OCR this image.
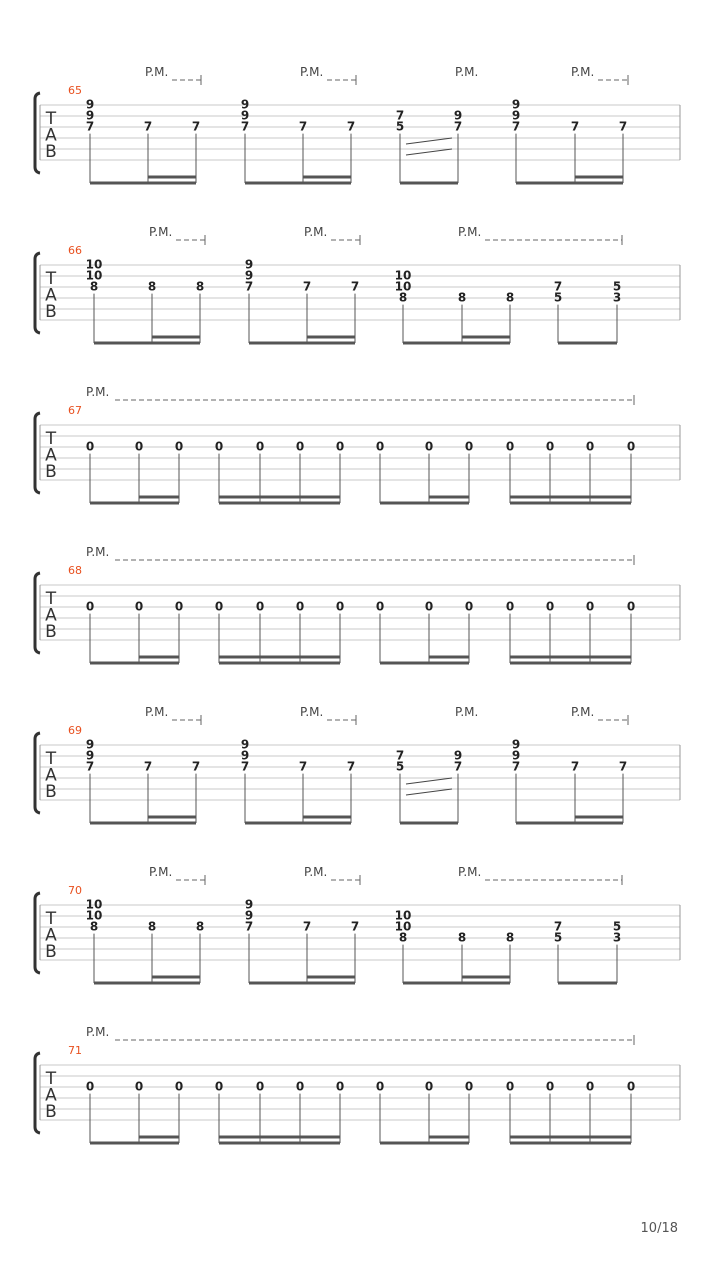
T
A
B
65
P.M.	P.M.	P.M.	P.M.
9
9
7	7	7
9
9
7	7	7
7
5
9
7
9
9
7	7	7
T
A
B
66
P.M.	P.M.	P.M.
10
10
8	8	8
9
9
7	7	7
10
10
8	8	8
7
5
5
3
T
A
B
67
P.M.
0	0	0	0	0	0	0	0	0	0	0	0	0	0
T
A
B
68
P.M.
0	0	0	0	0	0	0	0	0	0	0	0	0	0
T
A
B
69
P.M.	P.M.	P.M.	P.M.
9
9
7	7	7
9
9
7	7	7
7
5
9
7
9
9
7	7	7
T
A
B
70
P.M.	P.M.	P.M.
10
10
8	8	8
9
9
7	7	7
10
10
8	8	8
7
5
5
3
T
A
B
71
P.M.
0	0	0	0	0	0	0	0	0	0	0	0	0	0
10/18
